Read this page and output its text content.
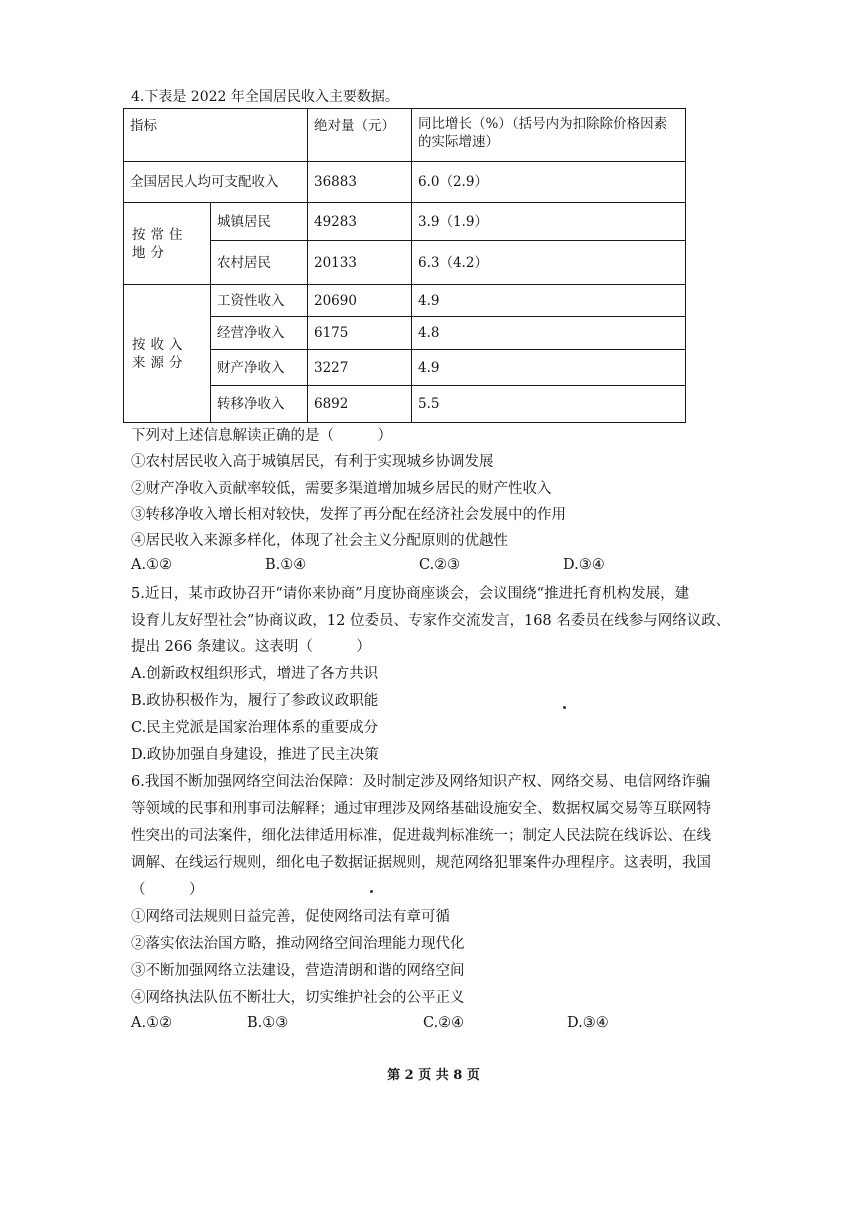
4.下表是 2022 年全国居民收入主要数据。
指标		绝对量（元）	同比增长（%）（括号内为扣除除价格因素的实际增速）
全国居民人均可支配收入		36883	6.0（2.9）
按常住地分	城镇居民	49283	3.9（1.9）
	农村居民	20133	6.3（4.2）
按收入来源分	工资性收入	20690	4.9
	经营净收入	6175	4.8
	财产净收入	3227	4.9
	转移净收入	6892	5.5
下列对上述信息解读正确的是（　　　）
①农村居民收入高于城镇居民，有利于实现城乡协调发展
②财产净收入贡献率较低，需要多渠道增加城乡居民的财产性收入
③转移净收入增长相对较快，发挥了再分配在经济社会发展中的作用
④居民收入来源多样化，体现了社会主义分配原则的优越性
A.①②	B.①④	C.②③	D.③④
5.近日，某市政协召开“请你来协商”月度协商座谈会，会议围绕“推进托育机构发展，建
设育儿友好型社会”协商议政，12 位委员、专家作交流发言，168 名委员在线参与网络议政、
提出 266 条建议。这表明（　　　）
A.创新政权组织形式，增进了各方共识
B.政协积极作为，履行了参政议政职能
C.民主党派是国家治理体系的重要成分
D.政协加强自身建设，推进了民主决策
6.我国不断加强网络空间法治保障：及时制定涉及网络知识产权、网络交易、电信网络诈骗
等领域的民事和刑事司法解释；通过审理涉及网络基础设施安全、数据权属交易等互联网特
性突出的司法案件，细化法律适用标准，促进裁判标准统一；制定人民法院在线诉讼、在线
调解、在线运行规则，细化电子数据证据规则，规范网络犯罪案件办理程序。这表明，我国
（　　　）
①网络司法规则日益完善，促使网络司法有章可循
②落实依法治国方略，推动网络空间治理能力现代化
③不断加强网络立法建设，营造清朗和谐的网络空间
④网络执法队伍不断壮大，切实维护社会的公平正义
A.①②	B.①③	C.②④	D.③④
第 2 页 共 8 页
